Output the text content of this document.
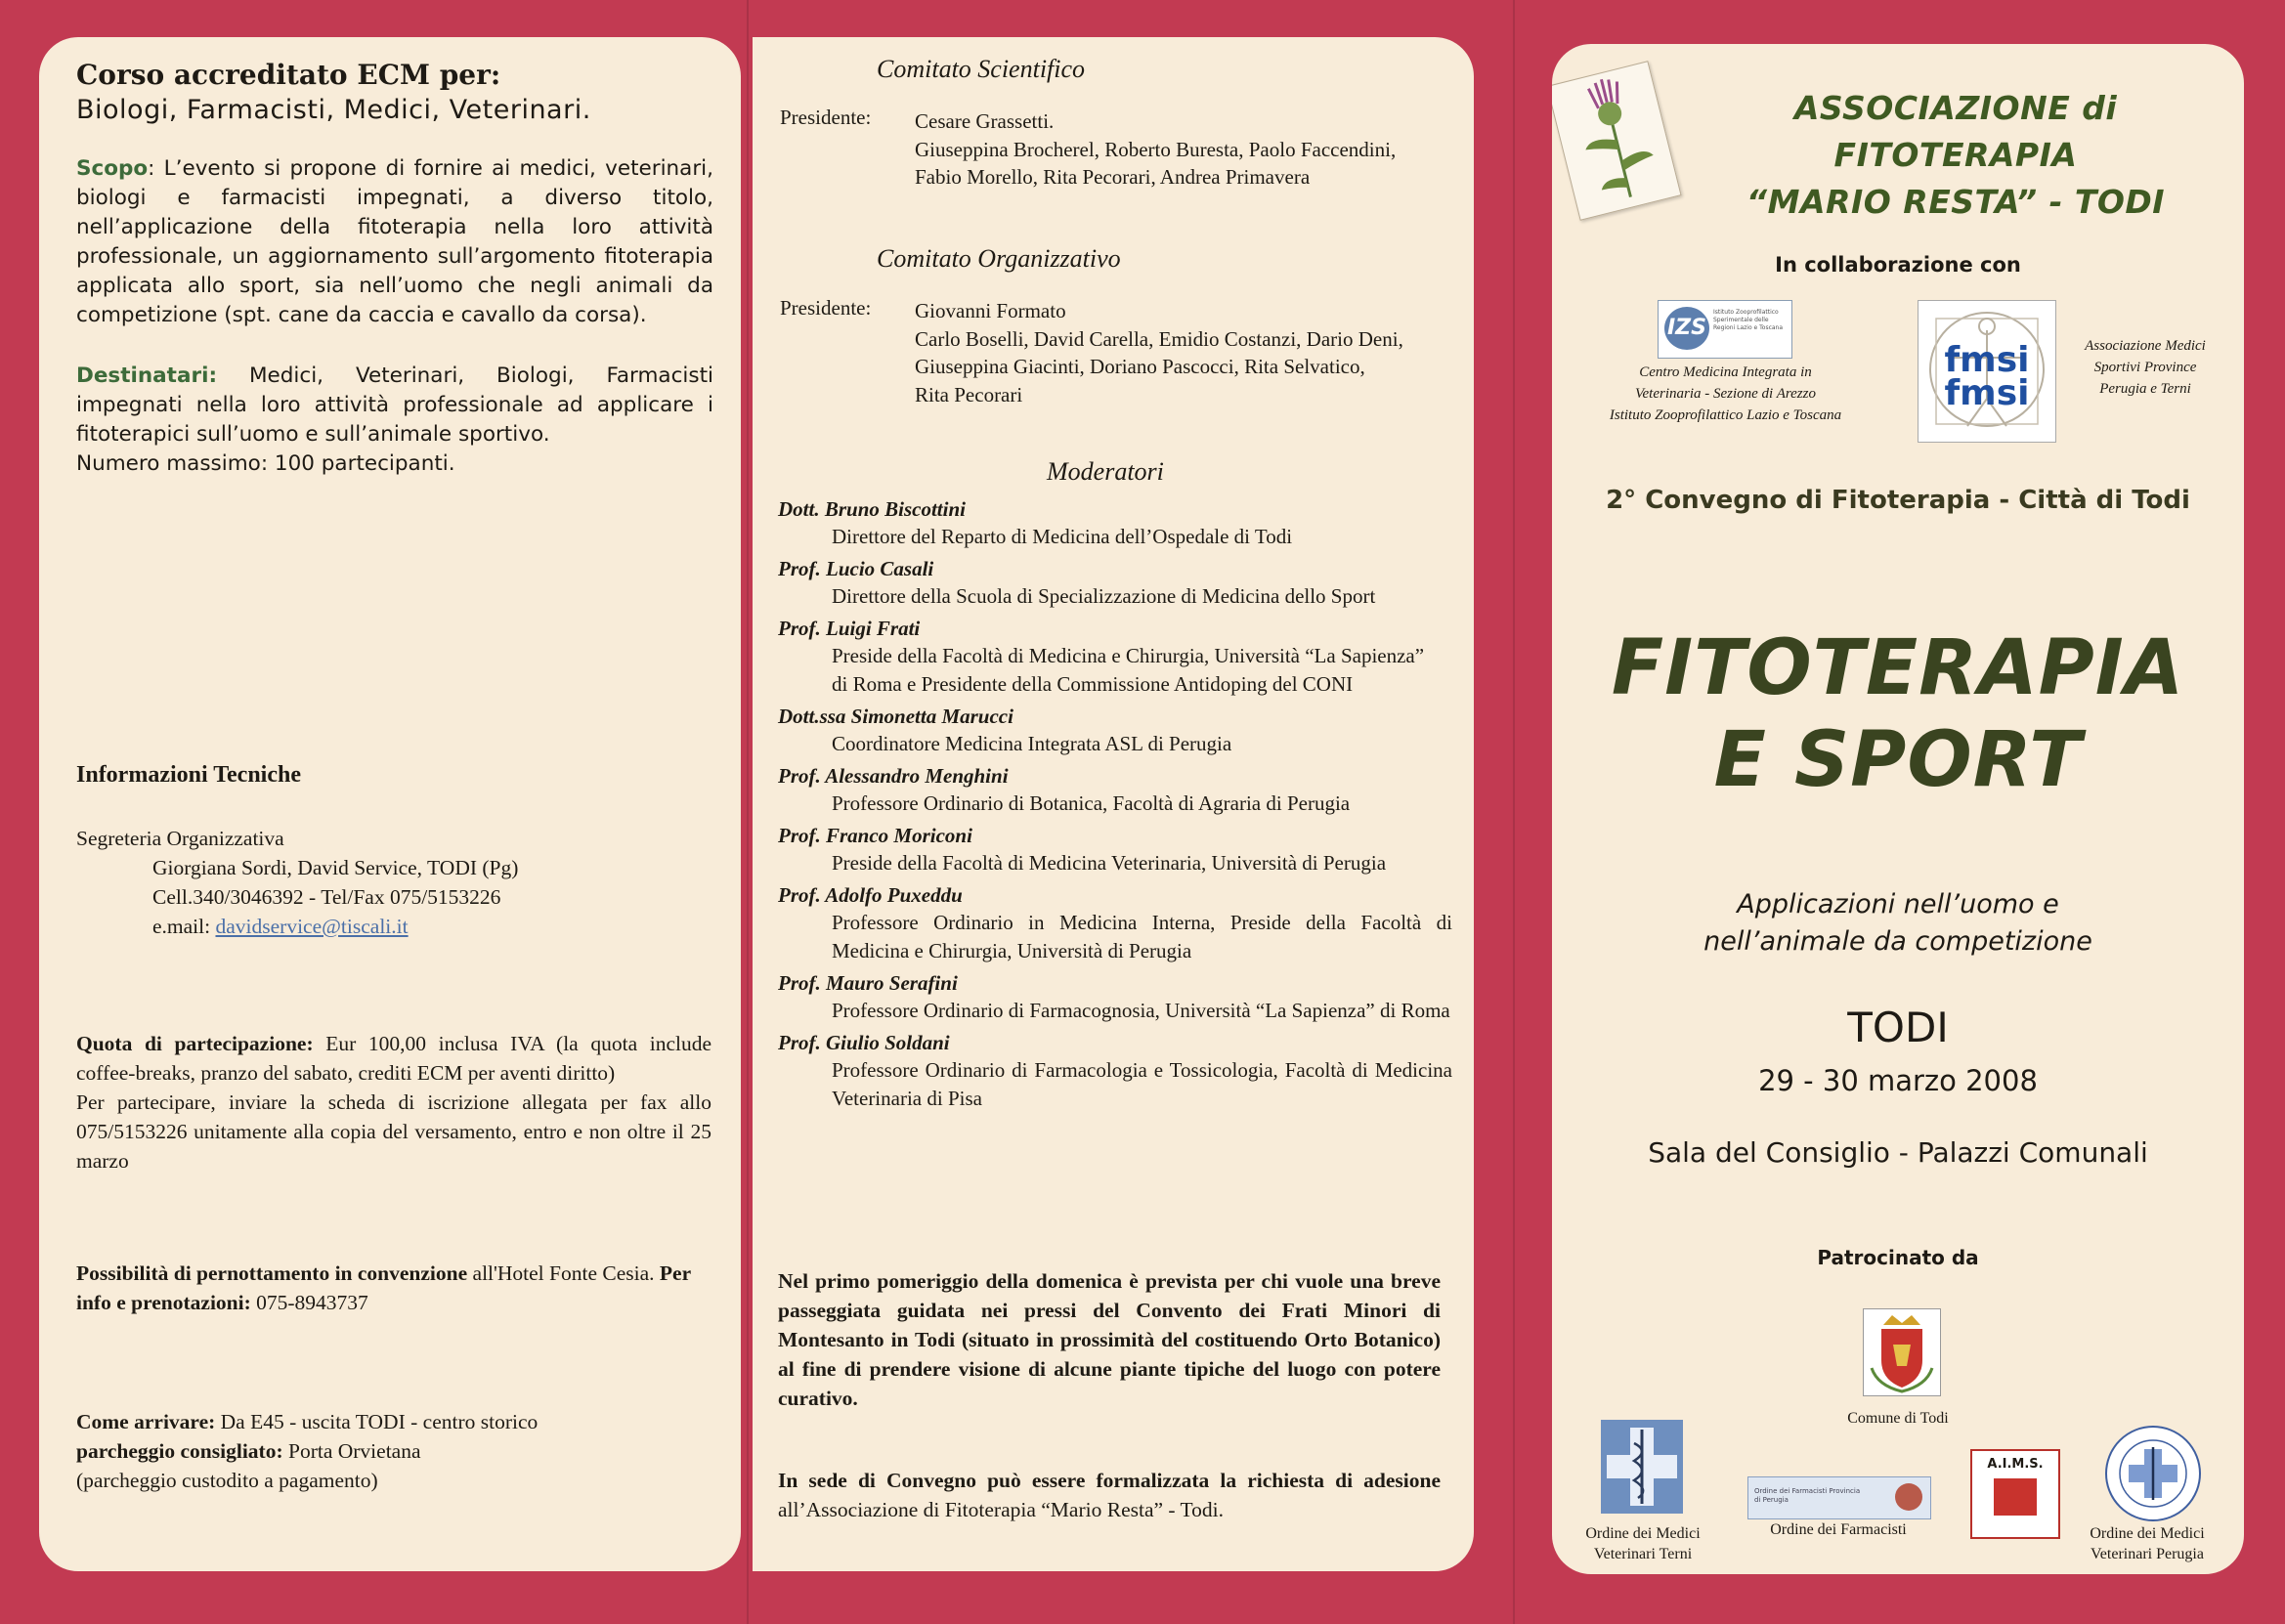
Corso accreditato ECM per:

Biologi, Farmacisti, Medici, Veterinari.

Scopo: L’evento si propone di fornire ai medici, veterinari, biologi e farmacisti impegnati, a diverso titolo, nell’applicazione della fitoterapia nella loro attività professionale, un aggiornamento sull’argomento fitoterapia applicata allo sport, sia nell’uomo che negli animali da competizione (spt. cane da caccia e cavallo da corsa).

Destinatari: Medici, Veterinari, Biologi, Farmacisti impegnati nella loro attività professionale ad applicare i fitoterapici sull’uomo e sull’animale sportivo.

Numero massimo: 100 partecipanti.

Informazioni Tecniche
Segreteria Organizzativa
Giorgiana Sordi, David Service, TODI (Pg)
Cell.340/3046392 - Tel/Fax 075/5153226
e.mail: davidservice@tiscali.it
Quota di partecipazione: Eur 100,00 inclusa IVA (la quota include coffee-breaks, pranzo del sabato, crediti ECM per aventi diritto)
Per partecipare, inviare la scheda di iscrizione allegata per fax allo 075/5153226 unitamente alla copia del versamento, entro e non oltre il 25 marzo
Possibilità di pernottamento in convenzione all'Hotel Fonte Cesia. Per info e prenotazioni: 075-8943737
Come arrivare: Da E45 - uscita TODI - centro storico
parcheggio consigliato: Porta Orvietana
(parcheggio custodito a pagamento)
Comitato Scientifico
Presidente: Cesare Grassetti.
Giuseppina Brocherel, Roberto Buresta, Paolo Faccendini, Fabio Morello, Rita Pecorari, Andrea Primavera
Comitato Organizzativo
Presidente: Giovanni Formato
Carlo Boselli, David Carella, Emidio Costanzi, Dario Deni, Giuseppina Giacinti, Doriano Pascocci, Rita Selvatico,
Rita Pecorari
Moderatori
Dott. Bruno Biscottini
Direttore del Reparto di Medicina dell’Ospedale di Todi
Prof. Lucio Casali
Direttore della Scuola di Specializzazione di Medicina dello Sport
Prof. Luigi Frati
Preside della Facoltà di Medicina e Chirurgia, Università “La Sapienza”
di Roma e Presidente della Commissione Antidoping del CONI
Dott.ssa Simonetta Marucci
Coordinatore Medicina Integrata ASL di Perugia
Prof. Alessandro Menghini
Professore Ordinario di Botanica, Facoltà di Agraria di Perugia
Prof. Franco Moriconi
Preside della Facoltà di Medicina Veterinaria, Università di Perugia
Prof. Adolfo Puxeddu
Professore Ordinario in Medicina Interna, Preside della Facoltà di Medicina e Chirurgia, Università di Perugia
Prof. Mauro Serafini
Professore Ordinario di Farmacognosia, Università “La Sapienza” di Roma
Prof. Giulio Soldani
Professore Ordinario di Farmacologia e Tossicologia, Facoltà di Medicina Veterinaria di Pisa
Nel primo pomeriggio della domenica è prevista per chi vuole una breve passeggiata guidata nei pressi del Convento dei Frati Minori di Montesanto in Todi (situato in prossimità del costituendo Orto Botanico) al fine di prendere visione di alcune piante tipiche del luogo con potere curativo.
In sede di Convegno può essere formalizzata la richiesta di adesione all’Associazione di Fitoterapia “Mario Resta” - Todi.
ASSOCIAZIONE di FITOTERAPIA
“MARIO RESTA” - TODI
In collaborazione con
IZS
Istituto Zooprofilattico Sperimentale delle Regioni Lazio e Toscana
Centro Medicina Integrata in
Veterinaria - Sezione di Arezzo
Istituto Zooprofilattico Lazio e Toscana
fmsi
fmsi
Associazione Medici
Sportivi Province
Perugia e Terni
2° Convegno di Fitoterapia - Città di Todi
FITOTERAPIA
E SPORT
Applicazioni nell’uomo e
nell’animale da competizione
TODI
29 - 30 marzo 2008
Sala del Consiglio - Palazzi Comunali
Patrocinato da
Comune di Todi
Ordine dei Medici
Veterinari Terni
Ordine dei Farmacisti Provincia di Perugia
Ordine dei Farmacisti
A.I.M.S.
Ordine dei Medici
Veterinari Perugia
